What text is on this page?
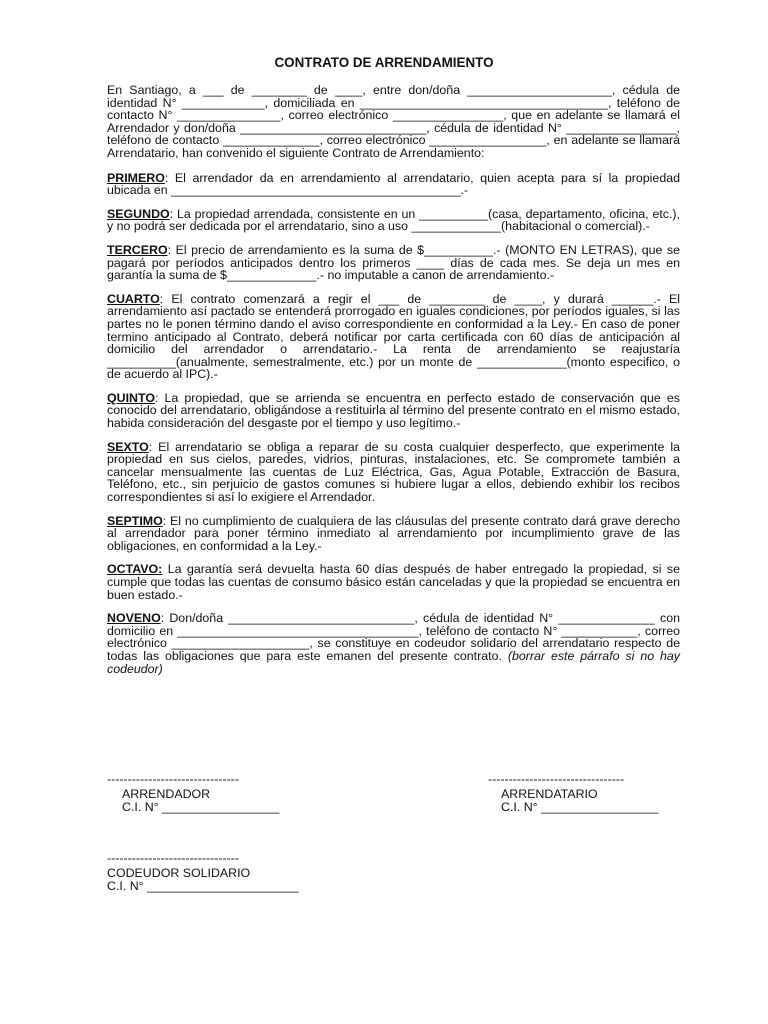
CONTRATO DE ARRENDAMIENTO

En Santiago, a ___ de ________ de ____, entre don/doña _____________________, cédula de identidad N° ____________, domiciliada en ____________________________________, teléfono de contacto N° _______________, correo electrónico ________________, que en adelante se llamará el Arrendador y don/doña ___________________________, cédula de identidad N° ________________, teléfono de contacto ______________, correo electrónico _________________, en adelante se llamará Arrendatario, han convenido el siguiente Contrato de Arrendamiento:

PRIMERO: El arrendador da en arrendamiento al arrendatario, quien acepta para sí la propiedad ubicada en __________________________________________.-

SEGUNDO: La propiedad arrendada, consistente en un __________(casa, departamento, oficina, etc.), y no podrá ser dedicada por el arrendatario, sino a uso _____________(habitacional o comercial).-

TERCERO: El precio de arrendamiento es la suma de $__________.- (MONTO EN LETRAS), que se pagará por períodos anticipados dentro los primeros ____ días de cada mes. Se deja un mes en garantía la suma de $_____________.- no imputable a canon de arrendamiento.-

CUARTO: El contrato comenzará a regir el ___ de ________ de ____, y durará ______.- El arrendamiento así pactado se entenderá prorrogado en iguales condiciones, por períodos iguales, si las partes no le ponen término dando el aviso correspondiente en conformidad a la Ley.- En caso de poner termino anticipado al Contrato, deberá notificar por carta certificada con 60 días de anticipación al domicilio del arrendador o arrendatario.- La renta de arrendamiento se reajustaría __________(anualmente, semestralmente, etc.) por un monte de _____________(monto especifico, o de acuerdo al IPC).-

QUINTO: La propiedad, que se arrienda se encuentra en perfecto estado de conservación que es conocido del arrendatario, obligándose a restituirla al término del presente contrato en el mismo estado, habida consideración del desgaste por el tiempo y uso legítimo.-

SEXTO: El arrendatario se obliga a reparar de su costa cualquier desperfecto, que experimente la propiedad en sus cielos, paredes, vidrios, pinturas, instalaciones, etc. Se compromete también a cancelar mensualmente las cuentas de Luz Eléctrica, Gas, Agua Potable, Extracción de Basura, Teléfono, etc., sin perjuicio de gastos comunes si hubiere lugar a ellos, debiendo exhibir los recibos correspondientes si así lo exigiere el Arrendador.

SEPTIMO: El no cumplimiento de cualquiera de las cláusulas del presente contrato dará grave derecho al arrendador para poner término inmediato al arrendamiento por incumplimiento grave de las obligaciones, en conformidad a la Ley.-

OCTAVO: La garantía será devuelta hasta 60 días después de haber entregado la propiedad, si se cumple que todas las cuentas de consumo básico están canceladas y que la propiedad se encuentra en buen estado.-

NOVENO: Don/doña ___________________________, cédula de identidad N° ______________ con domicilio en ___________________________________, teléfono de contacto N° ___________, correo electrónico ____________________, se constituye en codeudor solidario del arrendatario respecto de todas las obligaciones que para este emanen del presente contrato. (borrar este párrafo si no hay codeudor)

--------------------------------
ARRENDADOR
C.I. N° _________________
---------------------------------
ARRENDATARIO
C.I. N° _________________
--------------------------------
CODEUDOR SOLIDARIO
C.I. N° ______________________
